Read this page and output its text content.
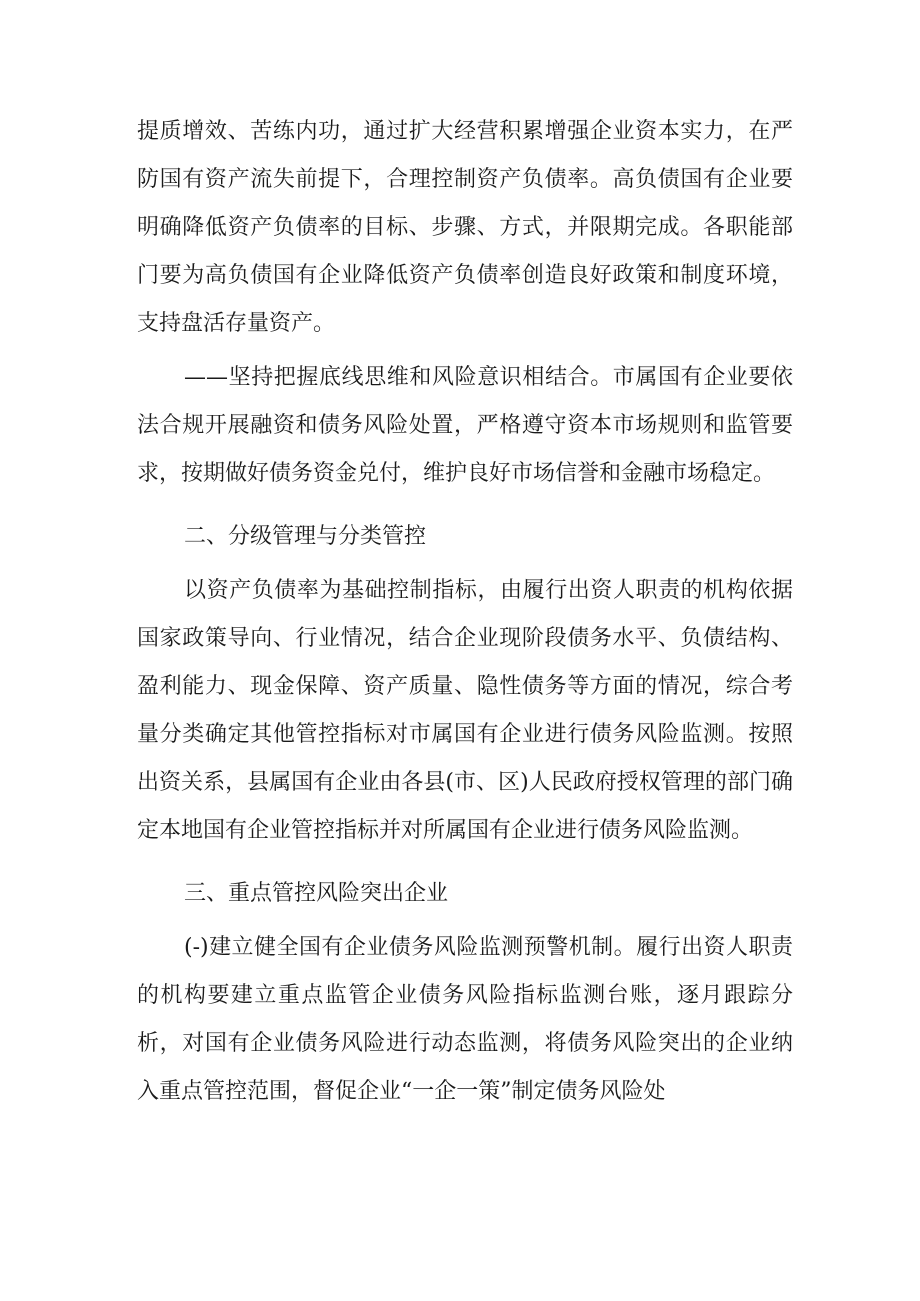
提质增效、苦练内功，通过扩大经营积累增强企业资本实力，在严防国有资产流失前提下，合理控制资产负债率。高负债国有企业要明确降低资产负债率的目标、步骤、方式，并限期完成。各职能部门要为高负债国有企业降低资产负债率创造良好政策和制度环境，支持盘活存量资产。

——坚持把握底线思维和风险意识相结合。市属国有企业要依法合规开展融资和债务风险处置，严格遵守资本市场规则和监管要求，按期做好债务资金兑付，维护良好市场信誉和金融市场稳定。

二、分级管理与分类管控

以资产负债率为基础控制指标，由履行出资人职责的机构依据国家政策导向、行业情况，结合企业现阶段债务水平、负债结构、盈利能力、现金保障、资产质量、隐性债务等方面的情况，综合考量分类确定其他管控指标对市属国有企业进行债务风险监测。按照出资关系，县属国有企业由各县(市、区)人民政府授权管理的部门确定本地国有企业管控指标并对所属国有企业进行债务风险监测。

三、重点管控风险突出企业

(-)建立健全国有企业债务风险监测预警机制。履行出资人职责的机构要建立重点监管企业债务风险指标监测台账，逐月跟踪分析，对国有企业债务风险进行动态监测，将债务风险突出的企业纳入重点管控范围，督促企业“一企一策”制定债务风险处
